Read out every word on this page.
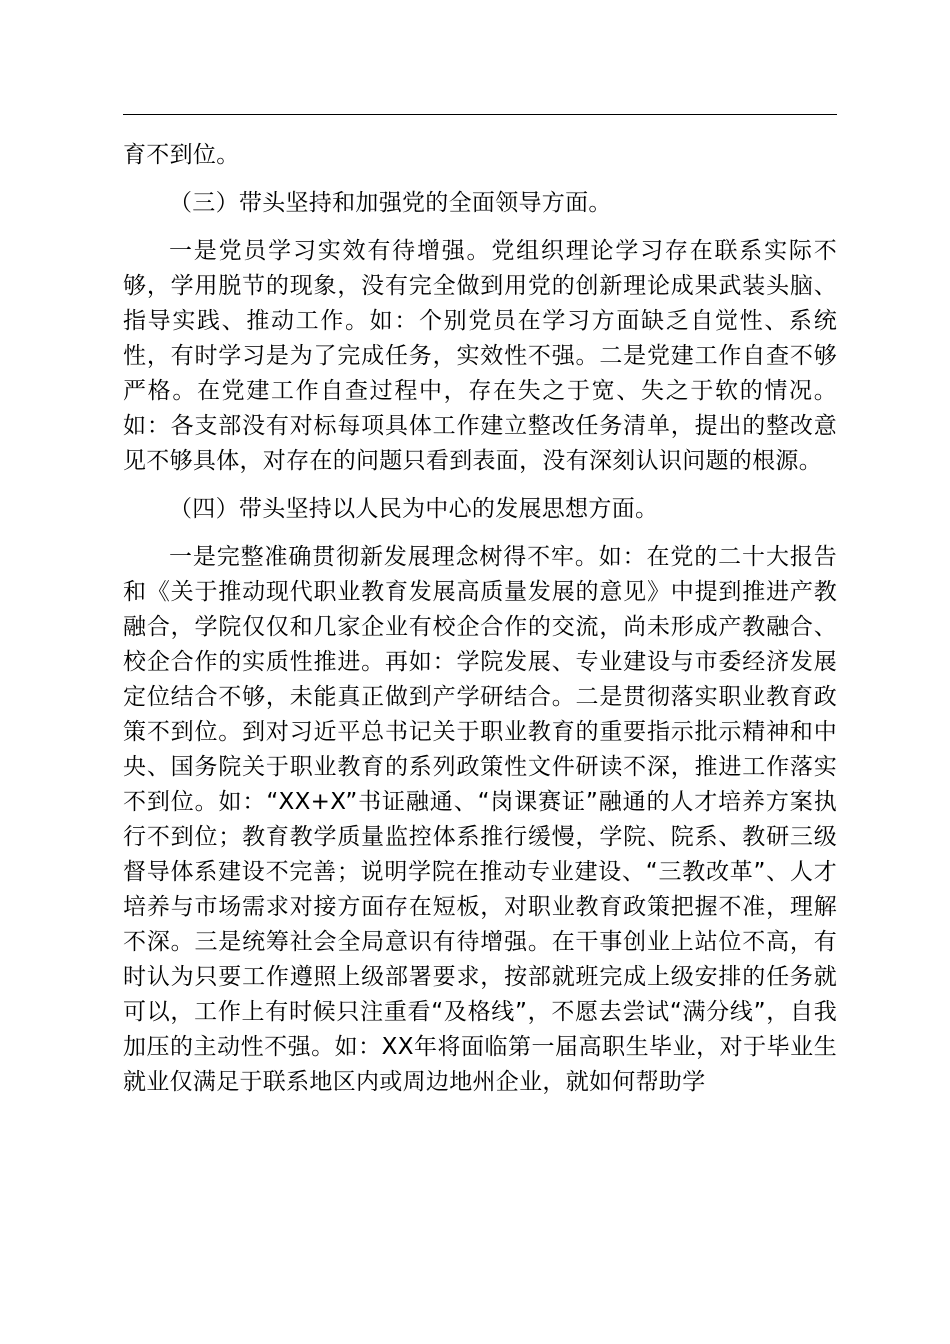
育不到位。

（三）带头坚持和加强党的全面领导方面。

一是党员学习实效有待增强。党组织理论学习存在联系实际不够，学用脱节的现象，没有完全做到用党的创新理论成果武装头脑、指导实践、推动工作。如：个别党员在学习方面缺乏自觉性、系统性，有时学习是为了完成任务，实效性不强。二是党建工作自查不够严格。在党建工作自查过程中，存在失之于宽、失之于软的情况。如：各支部没有对标每项具体工作建立整改任务清单，提出的整改意见不够具体，对存在的问题只看到表面，没有深刻认识问题的根源。

（四）带头坚持以人民为中心的发展思想方面。

一是完整准确贯彻新发展理念树得不牢。如：在党的二十大报告和《关于推动现代职业教育发展高质量发展的意见》中提到推进产教融合，学院仅仅和几家企业有校企合作的交流，尚未形成产教融合、校企合作的实质性推进。再如：学院发展、专业建设与市委经济发展定位结合不够，未能真正做到产学研结合。二是贯彻落实职业教育政策不到位。到对习近平总书记关于职业教育的重要指示批示精神和中央、国务院关于职业教育的系列政策性文件研读不深，推进工作落实不到位。如：“XX+X”书证融通、“岗课赛证”融通的人才培养方案执行不到位；教育教学质量监控体系推行缓慢，学院、院系、教研三级督导体系建设不完善；说明学院在推动专业建设、“三教改革”、人才培养与市场需求对接方面存在短板，对职业教育政策把握不准，理解不深。三是统筹社会全局意识有待增强。在干事创业上站位不高，有时认为只要工作遵照上级部署要求，按部就班完成上级安排的任务就可以，工作上有时候只注重看“及格线”，不愿去尝试“满分线”，自我加压的主动性不强。如：XX年将面临第一届高职生毕业，对于毕业生就业仅满足于联系地区内或周边地州企业，就如何帮助学
